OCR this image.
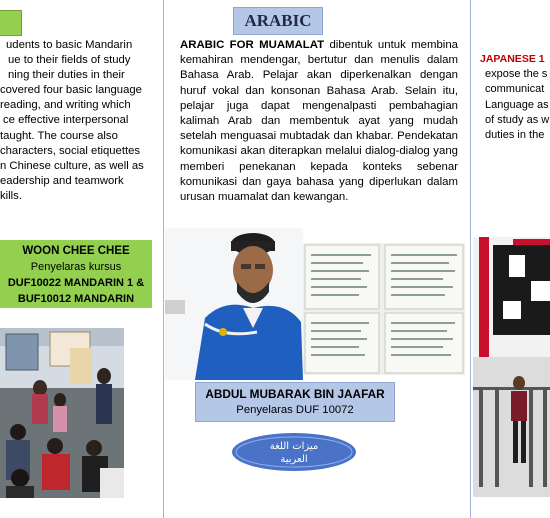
udents to basic Mandarin
ue to their fields of study
ning their duties in their
covered four basic language
reading, and writing which
ce effective interpersonal
taught. The course also
characters, social etiquettes
n Chinese culture, as well as
eadership and teamwork
kills.
WOON CHEE CHEE
Penyelaras kursus
DUF10022 MANDARIN 1 &
BUF10012 MANDARIN
ARABIC
ARABIC FOR MUAMALAT dibentuk untuk membina kemahiran mendengar, bertutur dan menulis dalam Bahasa Arab. Pelajar akan diperkenalkan dengan huruf vokal dan konsonan Bahasa Arab. Selain itu, pelajar juga dapat mengenalpasti pembahagian kalimah Arab dan membentuk ayat yang mudah setelah menguasai mubtadak dan khabar. Pendekatan komunikasi akan diterapkan melalui dialog-dialog yang memberi penekanan kepada konteks sebenar komunikasi dan gaya bahasa yang diperlukan dalam urusan muamalat dan kewangan.
ABDUL MUBARAK BIN JAAFAR
Penyelaras DUF 10072
ميزات اللغة
العربية
JAPANESE 1
expose the s
communicat
Language as
of study as w
duties in the
